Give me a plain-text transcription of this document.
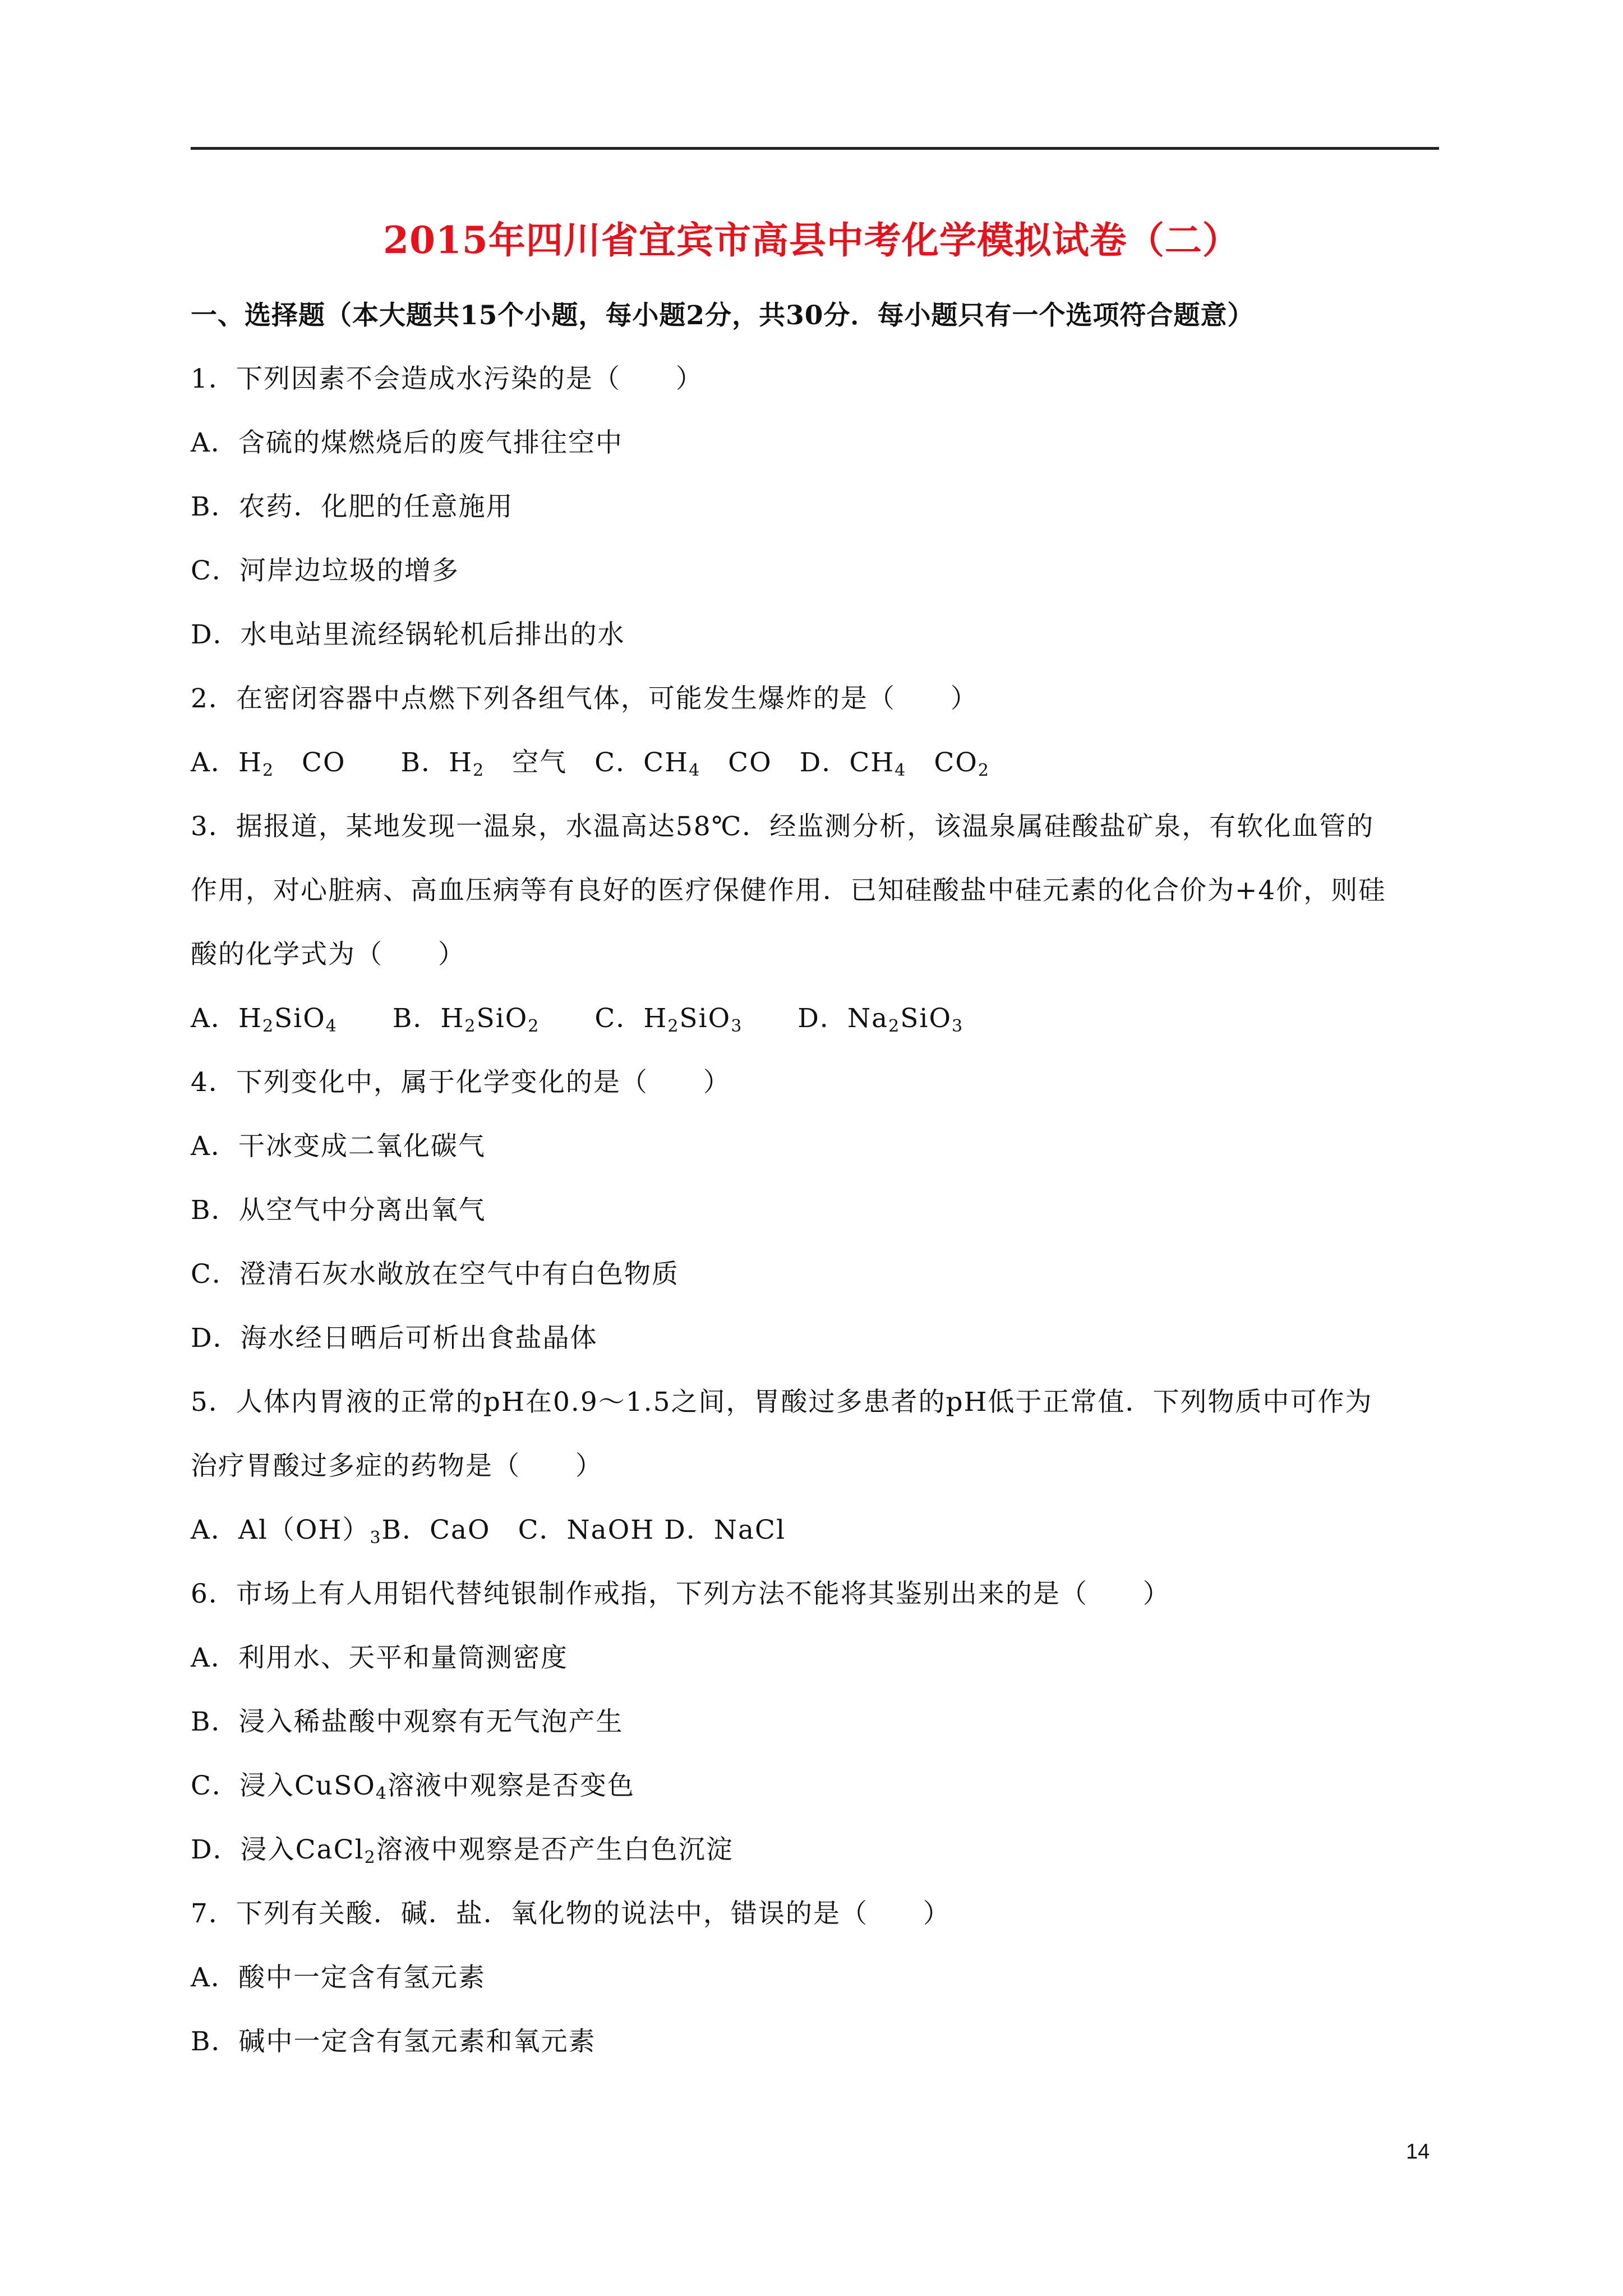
2015年四川省宜宾市高县中考化学模拟试卷（二）
一、选择题（本大题共15个小题，每小题2分，共30分．每小题只有一个选项符合题意）
1．下列因素不会造成水污染的是（　　）
A．含硫的煤燃烧后的废气排往空中
B．农药．化肥的任意施用
C．河岸边垃圾的增多
D．水电站里流经锅轮机后排出的水
2．在密闭容器中点燃下列各组气体，可能发生爆炸的是（　　）
A．$H_2$　CO　　B．$H_2$　空气　C．$CH_4$　CO　D．$CH_4$　$CO_2$
3．据报道，某地发现一温泉，水温高达58℃．经监测分析，该温泉属硅酸盐矿泉，有软化血管的
作用，对心脏病、高血压病等有良好的医疗保健作用．已知硅酸盐中硅元素的化合价为+4价，则硅
酸的化学式为（　　）
A．$H_2SiO_4$　　B．$H_2SiO_2$　　C．$H_2SiO_3$　　D．$Na_2SiO_3$
4．下列变化中，属于化学变化的是（　　）
A．干冰变成二氧化碳气
B．从空气中分离出氧气
C．澄清石灰水敞放在空气中有白色物质
D．海水经日晒后可析出食盐晶体
5．人体内胃液的正常的pH在0.9～1.5之间，胃酸过多患者的pH低于正常值．下列物质中可作为
治疗胃酸过多症的药物是（　　）
A．$Al(OH)_3B$．CaO　C．NaOH D．NaCl
6．市场上有人用铝代替纯银制作戒指，下列方法不能将其鉴别出来的是（　　）
A．利用水、天平和量筒测密度
B．浸入稀盐酸中观察有无气泡产生
C．浸入CuSO$_4$溶液中观察是否变色
D．浸入CaCl$_2$溶液中观察是否产生白色沉淀
7．下列有关酸．碱．盐．氧化物的说法中，错误的是（　　）
A．酸中一定含有氢元素
B．碱中一定含有氢元素和氧元素
14
